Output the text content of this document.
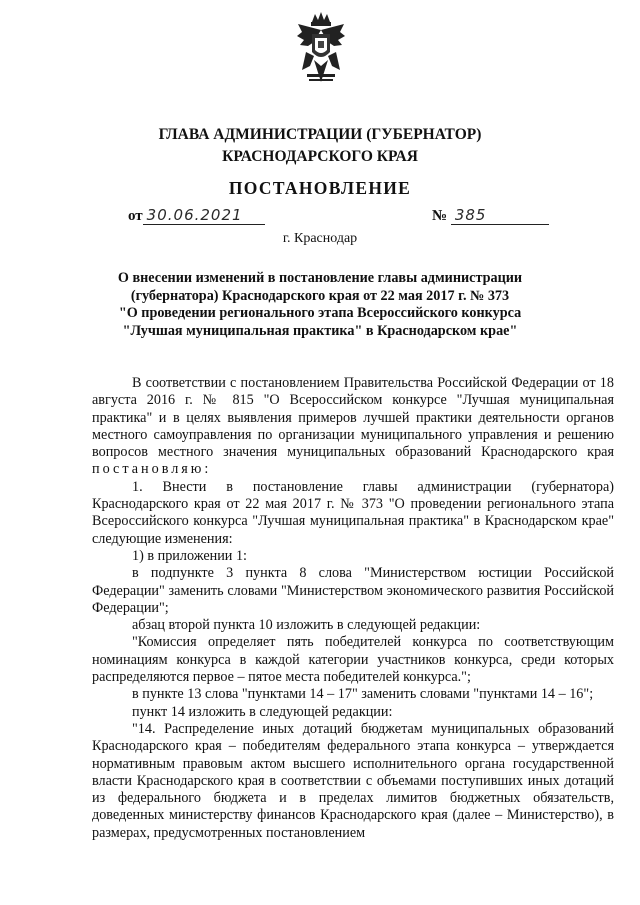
ГЛАВА АДМИНИСТРАЦИИ (ГУБЕРНАТОР)
КРАСНОДАРСКОГО КРАЯ
ПОСТАНОВЛЕНИЕ
от 30.06.2021	№ 385
г. Краснодар
О внесении изменений в постановление главы администрации
(губернатора) Краснодарского края от 22 мая 2017 г. № 373
"О проведении регионального этапа Всероссийского конкурса
"Лучшая муниципальная практика" в Краснодарском крае"
В соответствии с постановлением Правительства Российской Федерации от 18 августа 2016 г. № 815 "О Всероссийском конкурсе "Лучшая муниципальная практика" и в целях выявления примеров лучшей практики деятельности органов местного самоуправления по организации муниципального управления и решению вопросов местного значения муниципальных образований Краснодарского края постановляю:
1. Внести в постановление главы администрации (губернатора) Краснодарского края от 22 мая 2017 г. № 373 "О проведении регионального этапа Всероссийского конкурса "Лучшая муниципальная практика" в Краснодарском крае" следующие изменения:
1) в приложении 1:
в подпункте 3 пункта 8 слова "Министерством юстиции Российской Федерации" заменить словами "Министерством экономического развития Российской Федерации";
абзац второй пункта 10 изложить в следующей редакции:
"Комиссия определяет пять победителей конкурса по соответствующим номинациям конкурса в каждой категории участников конкурса, среди которых распределяются первое – пятое места победителей конкурса.";
в пункте 13 слова "пунктами 14 – 17" заменить словами "пунктами 14 – 16";
пункт 14 изложить в следующей редакции:
"14. Распределение иных дотаций бюджетам муниципальных образований Краснодарского края – победителям федерального этапа конкурса – утверждается нормативным правовым актом высшего исполнительного органа государственной власти Краснодарского края в соответствии с объемами поступивших иных дотаций из федерального бюджета и в пределах лимитов бюджетных обязательств, доведенных министерству финансов Краснодарского края (далее – Министерство), в размерах, предусмотренных постановлением
